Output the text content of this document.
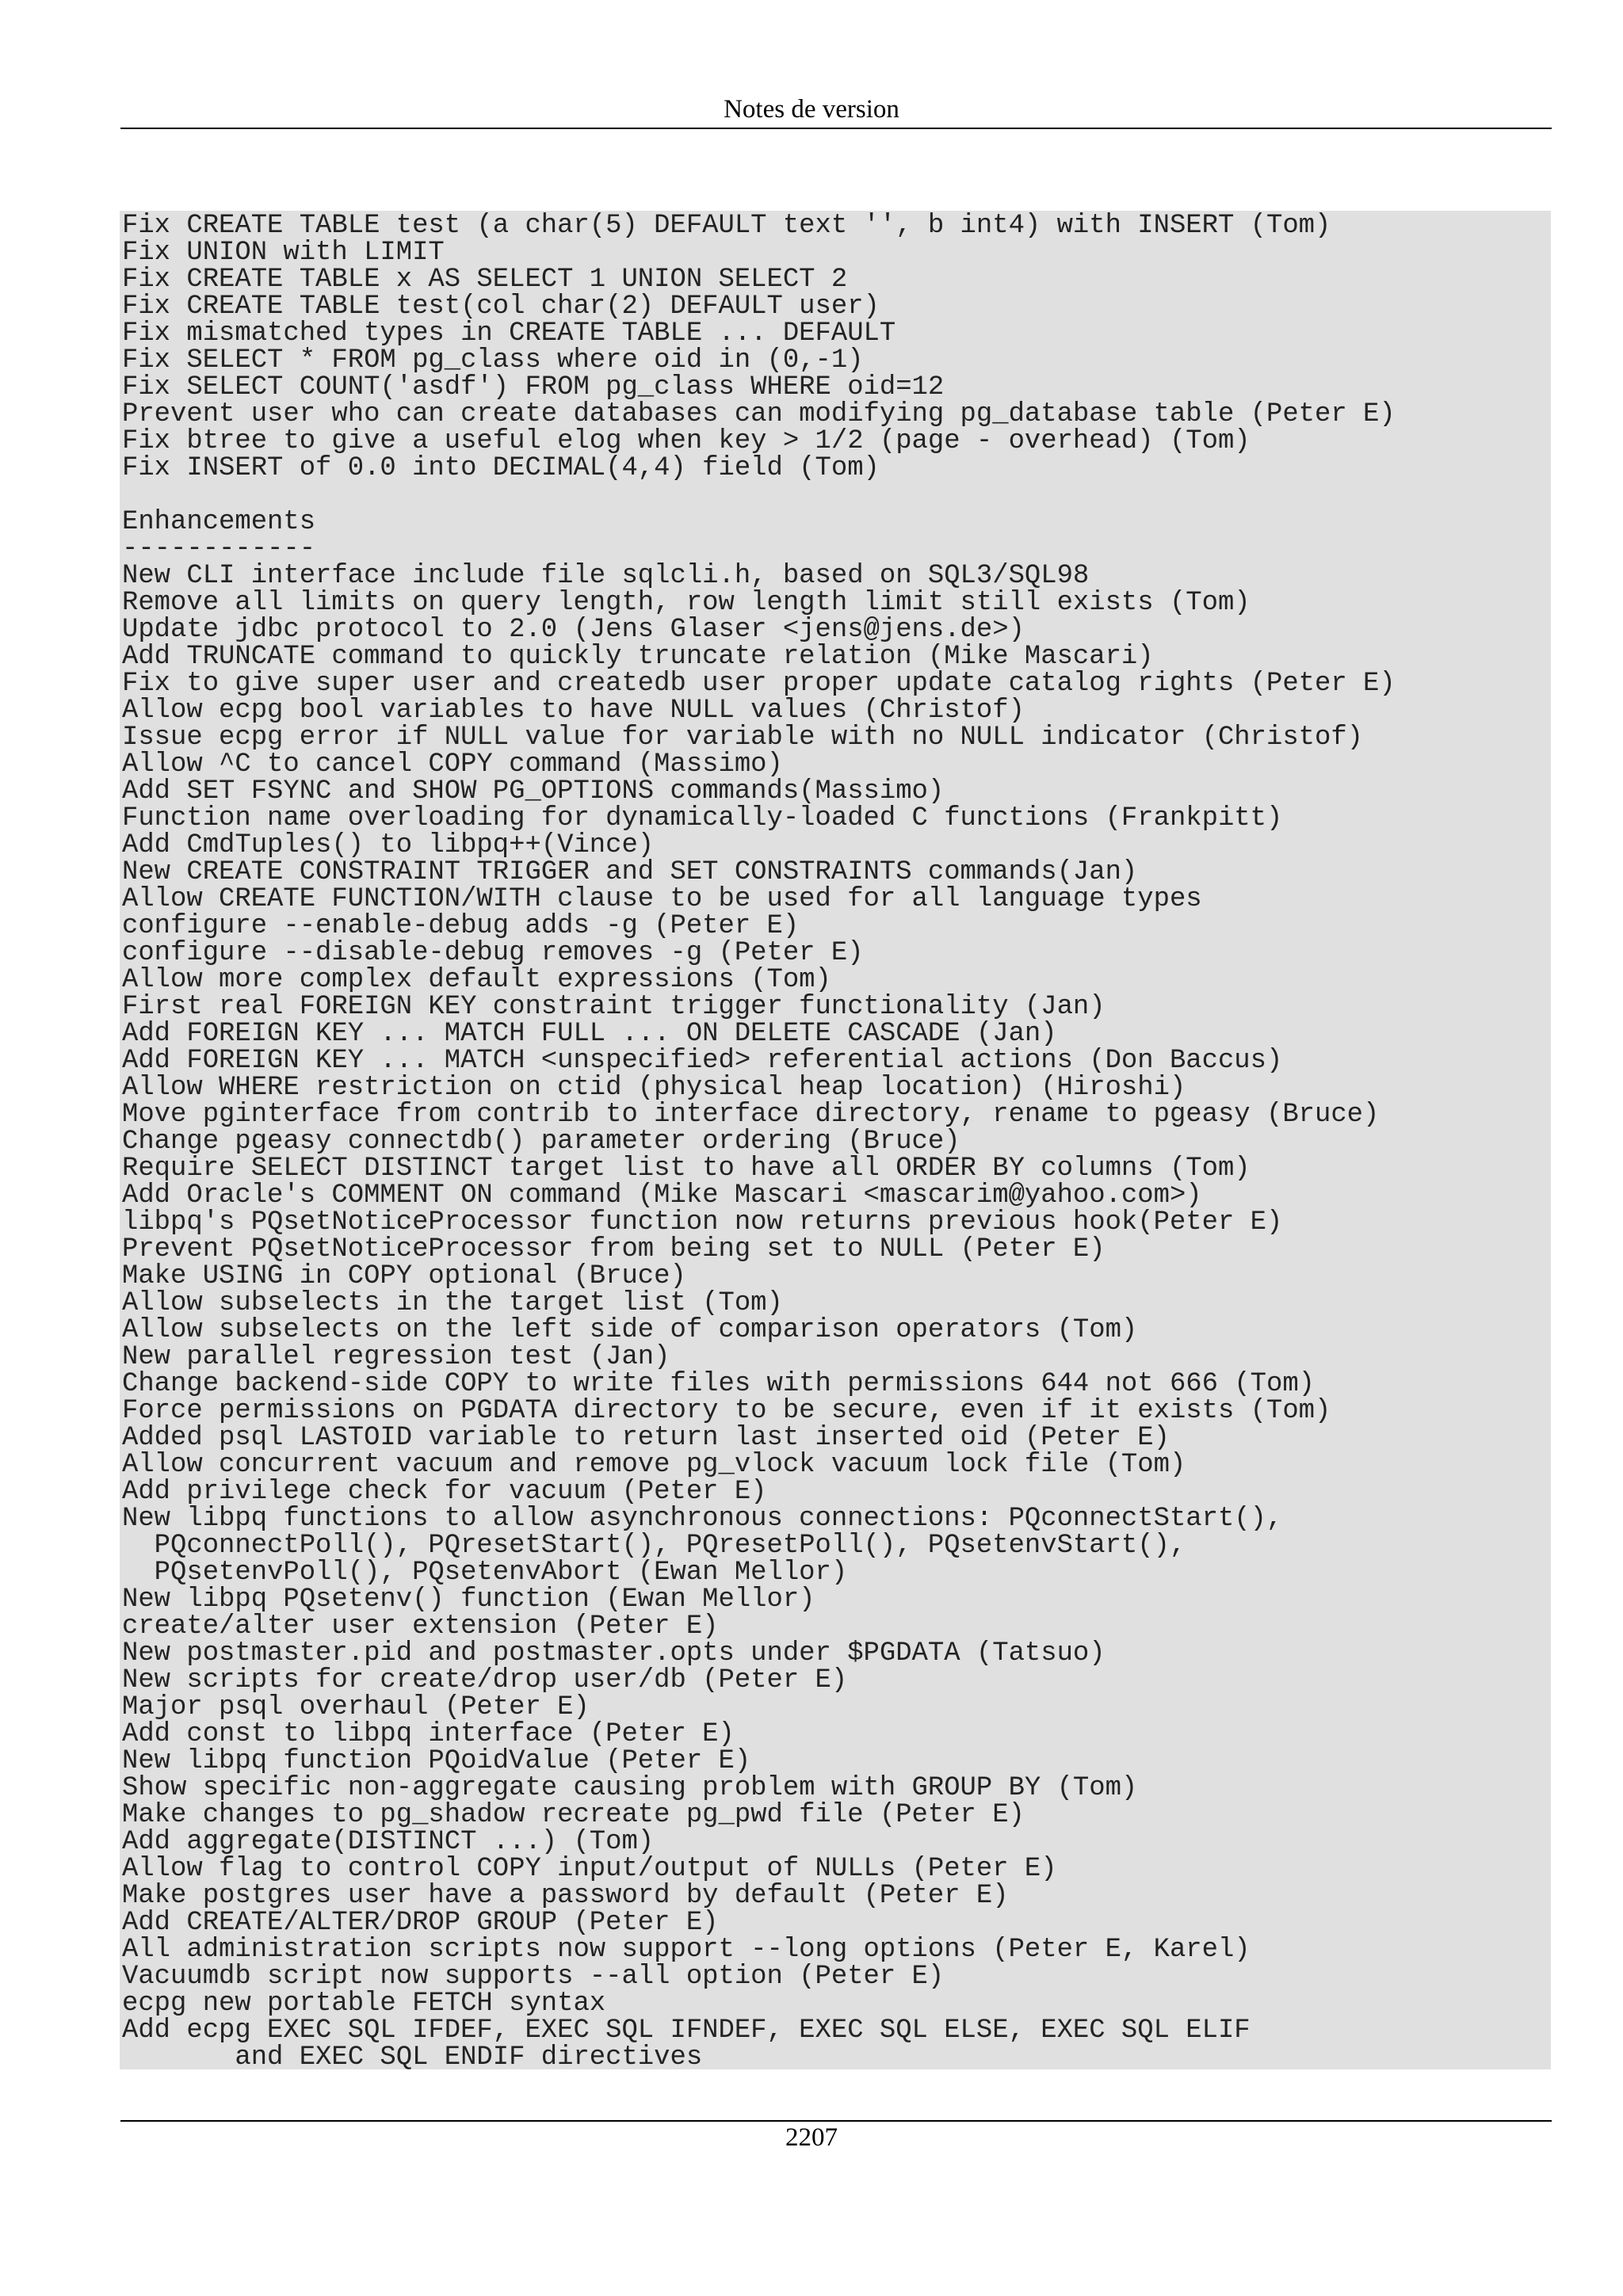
Notes de version
Fix CREATE TABLE test (a char(5) DEFAULT text '', b int4) with INSERT (Tom)
Fix UNION with LIMIT
Fix CREATE TABLE x AS SELECT 1 UNION SELECT 2
Fix CREATE TABLE test(col char(2) DEFAULT user)
Fix mismatched types in CREATE TABLE ... DEFAULT
Fix SELECT * FROM pg_class where oid in (0,-1)
Fix SELECT COUNT('asdf') FROM pg_class WHERE oid=12
Prevent user who can create databases can modifying pg_database table (Peter E)
Fix btree to give a useful elog when key > 1/2 (page - overhead) (Tom)
Fix INSERT of 0.0 into DECIMAL(4,4) field (Tom)

Enhancements
------------
New CLI interface include file sqlcli.h, based on SQL3/SQL98
Remove all limits on query length, row length limit still exists (Tom)
Update jdbc protocol to 2.0 (Jens Glaser <jens@jens.de>)
Add TRUNCATE command to quickly truncate relation (Mike Mascari)
Fix to give super user and createdb user proper update catalog rights (Peter E)
Allow ecpg bool variables to have NULL values (Christof)
Issue ecpg error if NULL value for variable with no NULL indicator (Christof)
Allow ^C to cancel COPY command (Massimo)
Add SET FSYNC and SHOW PG_OPTIONS commands(Massimo)
Function name overloading for dynamically-loaded C functions (Frankpitt)
Add CmdTuples() to libpq++(Vince)
New CREATE CONSTRAINT TRIGGER and SET CONSTRAINTS commands(Jan)
Allow CREATE FUNCTION/WITH clause to be used for all language types
configure --enable-debug adds -g (Peter E)
configure --disable-debug removes -g (Peter E)
Allow more complex default expressions (Tom)
First real FOREIGN KEY constraint trigger functionality (Jan)
Add FOREIGN KEY ... MATCH FULL ... ON DELETE CASCADE (Jan)
Add FOREIGN KEY ... MATCH <unspecified> referential actions (Don Baccus)
Allow WHERE restriction on ctid (physical heap location) (Hiroshi)
Move pginterface from contrib to interface directory, rename to pgeasy (Bruce)
Change pgeasy connectdb() parameter ordering (Bruce)
Require SELECT DISTINCT target list to have all ORDER BY columns (Tom)
Add Oracle's COMMENT ON command (Mike Mascari <mascarim@yahoo.com>)
libpq's PQsetNoticeProcessor function now returns previous hook(Peter E)
Prevent PQsetNoticeProcessor from being set to NULL (Peter E)
Make USING in COPY optional (Bruce)
Allow subselects in the target list (Tom)
Allow subselects on the left side of comparison operators (Tom)
New parallel regression test (Jan)
Change backend-side COPY to write files with permissions 644 not 666 (Tom)
Force permissions on PGDATA directory to be secure, even if it exists (Tom)
Added psql LASTOID variable to return last inserted oid (Peter E)
Allow concurrent vacuum and remove pg_vlock vacuum lock file (Tom)
Add privilege check for vacuum (Peter E)
New libpq functions to allow asynchronous connections: PQconnectStart(),
PQconnectPoll(), PQresetStart(), PQresetPoll(), PQsetenvStart(),
PQsetenvPoll(), PQsetenvAbort (Ewan Mellor)
New libpq PQsetenv() function (Ewan Mellor)
create/alter user extension (Peter E)
New postmaster.pid and postmaster.opts under $PGDATA (Tatsuo)
New scripts for create/drop user/db (Peter E)
Major psql overhaul (Peter E)
Add const to libpq interface (Peter E)
New libpq function PQoidValue (Peter E)
Show specific non-aggregate causing problem with GROUP BY (Tom)
Make changes to pg_shadow recreate pg_pwd file (Peter E)
Add aggregate(DISTINCT ...) (Tom)
Allow flag to control COPY input/output of NULLs (Peter E)
Make postgres user have a password by default (Peter E)
Add CREATE/ALTER/DROP GROUP (Peter E)
All administration scripts now support --long options (Peter E, Karel)
Vacuumdb script now supports --all option (Peter E)
ecpg new portable FETCH syntax
Add ecpg EXEC SQL IFDEF, EXEC SQL IFNDEF, EXEC SQL ELSE, EXEC SQL ELIF
and EXEC SQL ENDIF directives
2207
